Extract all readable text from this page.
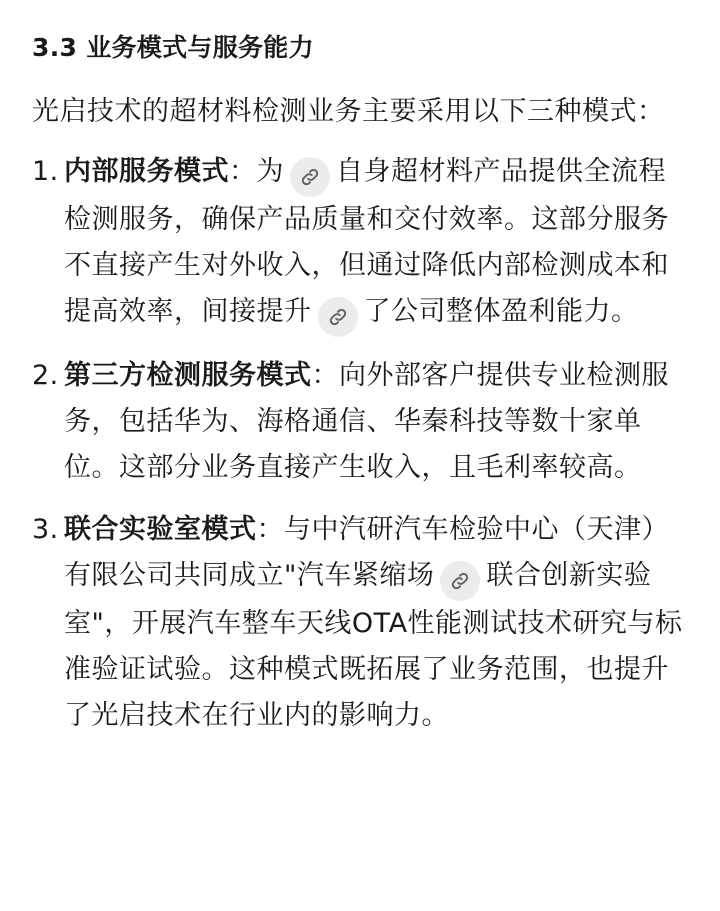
3.3 业务模式与服务能力

光启技术的超材料检测业务主要采用以下三种模式：

1. 内部服务模式：为 自身超材料产品提供全流程检测服务，确保产品质量和交付效率。这部分服务不直接产生对外收入，但通过降低内部检测成本和提高效率，间接提升 了公司整体盈利能力。
2. 第三方检测服务模式：向外部客户提供专业检测服务，包括华为、海格通信、华秦科技等数十家单位。这部分业务直接产生收入，且毛利率较高。
3. 联合实验室模式：与中汽研汽车检验中心（天津）有限公司共同成立"汽车紧缩场 联合创新实验室"，开展汽车整车天线OTA性能测试技术研究与标准验证试验。这种模式既拓展了业务范围，也提升了光启技术在行业内的影响力。
